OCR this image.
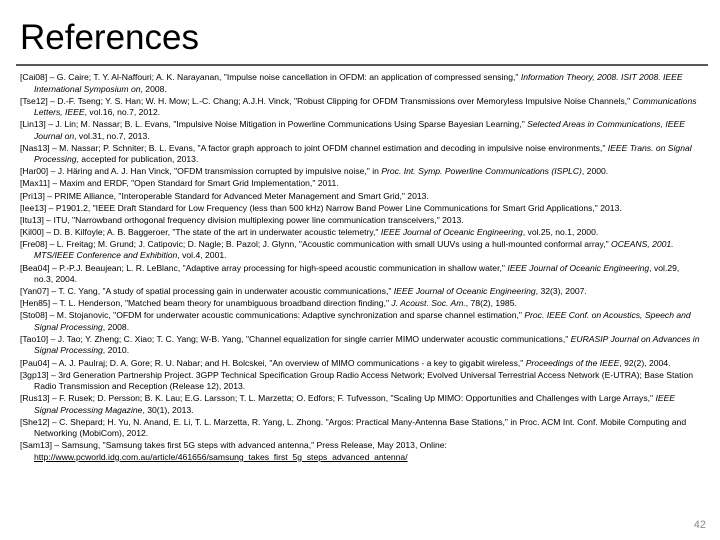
References
[Cai08] – G. Caire; T. Y. Al-Naffouri; A. K. Narayanan, "Impulse noise cancellation in OFDM: an application of compressed sensing," Information Theory, 2008. ISIT 2008. IEEE International Symposium on, 2008.
[Tse12] – D.-F. Tseng; Y. S. Han; W. H. Mow; L.-C. Chang; A.J.H. Vinck, "Robust Clipping for OFDM Transmissions over Memoryless Impulsive Noise Channels," Communications Letters, IEEE, vol.16, no.7, 2012.
[Lin13] – J. Lin; M. Nassar; B. L. Evans, "Impulsive Noise Mitigation in Powerline Communications Using Sparse Bayesian Learning," Selected Areas in Communications, IEEE Journal on, vol.31, no.7, 2013.
[Nas13] – M. Nassar; P. Schniter; B. L. Evans, "A factor graph approach to joint OFDM channel estimation and decoding in impulsive noise environments," IEEE Trans. on Signal Processing, accepted for publication, 2013.
[Har00] – J. Häring and A. J. Han Vinck, "OFDM transmission corrupted by impulsive noise," in Proc. Int. Symp. Powerline Communications (ISPLC), 2000.
[Max11] – Maxim and ERDF, "Open Standard for Smart Grid Implementation," 2011.
[Pri13] – PRIME Alliance, "Interoperable Standard for Advanced Meter Management and Smart Grid," 2013.
[Iee13] – P1901.2, "IEEE Draft Standard for Low Frequency (less than 500 kHz) Narrow Band Power Line Communications for Smart Grid Applications," 2013.
[Itu13] – ITU, "Narrowband orthogonal frequency division multiplexing power line communication transceivers," 2013.
[Kil00] – D. B. Kilfoyle; A. B. Baggeroer, "The state of the art in underwater acoustic telemetry," IEEE Journal of Oceanic Engineering, vol.25, no.1, 2000.
[Fre08] – L. Freitag; M. Grund; J. Catipovic; D. Nagle; B. Pazol; J. Glynn, "Acoustic communication with small UUVs using a hull-mounted conformal array," OCEANS, 2001. MTS/IEEE Conference and Exhibition, vol.4, 2001.
[Bea04] – P.-P.J. Beaujean; L. R. LeBlanc, "Adaptive array processing for high-speed acoustic communication in shallow water," IEEE Journal of Oceanic Engineering, vol.29, no.3, 2004.
[Yan07] – T. C. Yang, "A study of spatial processing gain in underwater acoustic communications," IEEE Journal of Oceanic Engineering, 32(3), 2007.
[Hen85] – T. L. Henderson, "Matched beam theory for unambiguous broadband direction finding," J. Acoust. Soc. Am., 78(2), 1985.
[Sto08] – M. Stojanovic, "OFDM for underwater acoustic communications: Adaptive synchronization and sparse channel estimation," Proc. IEEE Conf. on Acoustics, Speech and Signal Processing, 2008.
[Tao10] – J. Tao; Y. Zheng; C. Xiao; T. C. Yang; W-B. Yang, "Channel equalization for single carrier MIMO underwater acoustic communications," EURASIP Journal on Advances in Signal Processing, 2010.
[Pau04] – A. J. Paulraj; D. A. Gore; R. U. Nabar; and H. Bolcskei, "An overview of MIMO communications - a key to gigabit wireless," Proceedings of the IEEE, 92(2), 2004.
[3gp13] – 3rd Generation Partnership Project. 3GPP Technical Specification Group Radio Access Network; Evolved Universal Terrestrial Access Network (E-UTRA); Base Station Radio Transmission and Reception (Release 12), 2013.
[Rus13] – F. Rusek; D. Persson; B. K. Lau; E.G. Larsson; T. L. Marzetta; O. Edfors; F. Tufvesson, "Scaling Up MIMO: Opportunities and Challenges with Large Arrays," IEEE Signal Processing Magazine, 30(1), 2013.
[She12] – C. Shepard; H. Yu, N. Anand, E. Li, T. L. Marzetta, R. Yang, L. Zhong. "Argos: Practical Many-Antenna Base Stations," in Proc. ACM Int. Conf. Mobile Computing and Networking (MobiCom), 2012.
[Sam13] – Samsung, "Samsung takes first 5G steps with advanced antenna," Press Release, May 2013, Online:
http://www.pcworld.idg.com.au/article/461656/samsung_takes_first_5g_steps_advanced_antenna/
42
